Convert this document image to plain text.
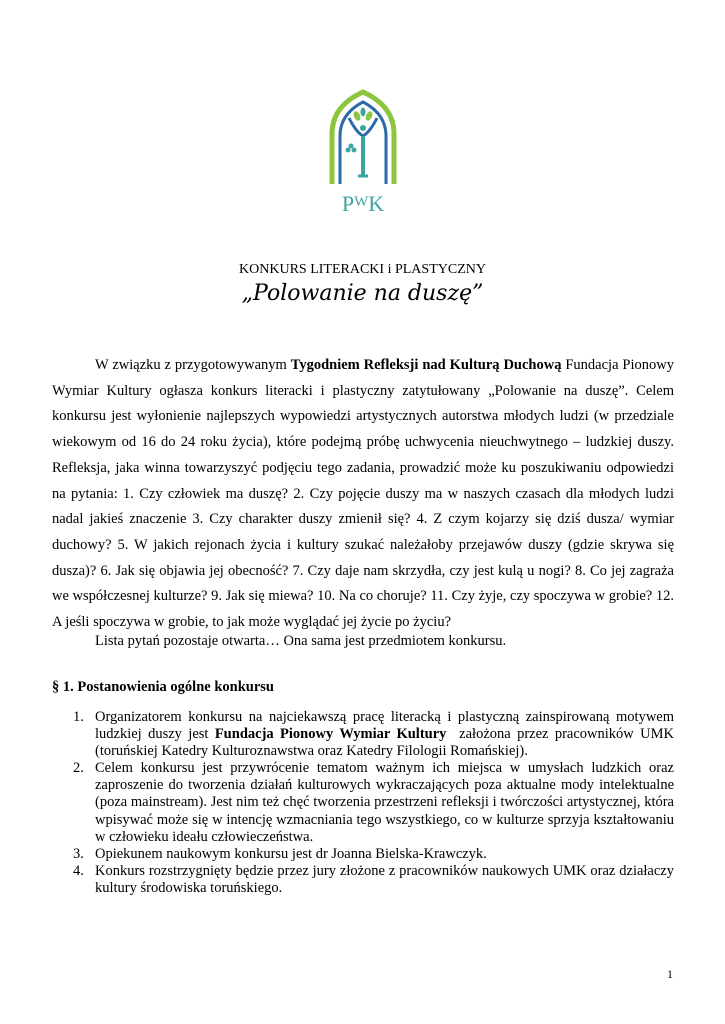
$P^WK$
KONKURS LITERACKI i PLASTYCZNY
„Polowanie na duszę”

W związku z przygotowywanym Tygodniem Refleksji nad Kulturą Duchową Fundacja Pionowy Wymiar Kultury ogłasza konkurs literacki i plastyczny zatytułowany „Polowanie na duszę”. Celem konkursu jest wyłonienie najlepszych wypowiedzi artystycznych autorstwa młodych ludzi (w przedziale wiekowym od 16 do 24 roku życia), które podejmą próbę uchwycenia nieuchwytnego – ludzkiej duszy. Refleksja, jaka winna towarzyszyć podjęciu tego zadania, prowadzić może ku poszukiwaniu odpowiedzi na pytania: 1. Czy człowiek ma duszę? 2. Czy pojęcie duszy ma w naszych czasach dla młodych ludzi nadal jakieś znaczenie 3. Czy charakter duszy zmienił się? 4. Z czym kojarzy się dziś dusza/ wymiar duchowy? 5. W jakich rejonach życia i kultury szukać należałoby przejawów duszy (gdzie skrywa się dusza)? 6. Jak się objawia jej obecność? 7. Czy daje nam skrzydła, czy jest kulą u nogi? 8. Co jej zagraża we współczesnej kulturze? 9. Jak się miewa? 10. Na co choruje? 11. Czy żyje, czy spoczywa w grobie? 12. A jeśli spoczywa w grobie, to jak może wyglądać jej życie po życiu?

Lista pytań pozostaje otwarta… Ona sama jest przedmiotem konkursu.

§ 1. Postanowienia ogólne konkursu

1. Organizatorem konkursu na najciekawszą pracę literacką i plastyczną zainspirowaną motywem ludzkiej duszy jest Fundacja Pionowy Wymiar Kultury  założona przez pracowników UMK (toruńskiej Katedry Kulturoznawstwa oraz Katedry Filologii Romańskiej).
2. Celem konkursu jest przywrócenie tematom ważnym ich miejsca w umysłach ludzkich oraz zaproszenie do tworzenia działań kulturowych wykraczających poza aktualne mody intelektualne (poza mainstream). Jest nim też chęć tworzenia przestrzeni refleksji i twórczości artystycznej, która wpisywać może się w intencję wzmacniania tego wszystkiego, co w kulturze sprzyja kształtowaniu w człowieku ideału człowieczeństwa.
3. Opiekunem naukowym konkursu jest dr Joanna Bielska-Krawczyk.
4. Konkurs rozstrzygnięty będzie przez jury złożone z pracowników naukowych UMK oraz działaczy kultury środowiska toruńskiego.
1
